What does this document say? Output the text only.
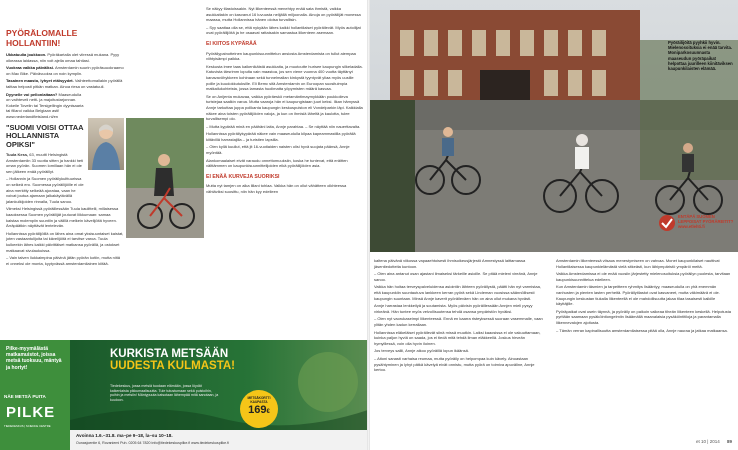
PYÖRÄLOMALLE HOLLANTIIN!

Ukkatuulia joukkoon. Pyöräkartalla olet viiressä mukana. Pyyy oikeassa laidassa, niin voit ajella omaa tahtiasi.

Vuokraa valkka päivälksi. Amsterdamin suurin pyöräsuuokraamo on Mac Bike. Päivävuokra on noin kymplin.

Tasainen maasto, lyhyet etäisyydet. Vaihteettomallakin pyörällä taittaa helposti pitkän matkan. Ainoa riesa on vastatuuli.

Dyynelle voi pellonlaitaan? Maaseudulla on vaihteveli netti- ja majoitustarjonnan. Kokeile Tovelin tai Tersigellingin dyynisaaria tai fillaroi valkka Belgiaan asti! www.nederlandfietsland.nl/en

"SUOMI VOISI OTTAA HOLLANNISTA OPIKSI"

Tuula Kess, 63, muutti Helsingistä Amsterdamiin 33 vuotta sitten ja hankki heti oman pyörän. Suomen lomillaan hän ei ole sen jälkeen enää pyöräillyt.

– Hollannin ja Suomen pyöräilykulttuurissa on selkeä ero. Suomessa pyöräilijöille ei ole aina merkitty selkeää ajorataa, vaan he voivat joutua ajamaan jalkakäytävällä jalankulkijoiden rinnalla, Tuula sanoo.

Viimeksi Helsingissä pyöräillessään Tuula kaulittelli, millaisessa kaaoksessa Suomen pyöräilijät joutuvat liikkumaan: samaa kaistaa molempiin suuntiin ja välillä melkein kävelijöitä hyveen. Ärräpäätkin näyttävät lentelevän.

Hollannissa pyöräilijöillä on lähes aina omat yksisuuntaiset kaistat, joten vastaantulijoita tai kävelijöitä ei tarvitse varoa. Tuula kulkeekin lähes kaikki päivittäiset matkansa pyörällä, ja ostokset matkaavat sivulaukuissa.

– Vain talven liukkaimpina päivinä jätän pyörän kotiin, mutta niitä ei onneksi ole monta, kyytyvässä amsterdamilainen kiitää.

Se näkyy tilastoissakin. Nyt liikenteessä menehtyy enää sata ihmistä, vaikka asukkaitakin on kasvanut 16 luvuusta nelijällä miljoonalla. Ainoja on pyöräilijät monessa maassa, mutta Hollannissa hänen oloisa turvallisin.

– Syy saattaa olla se, että nykyään lähes kaikki hollantilaiset pyöräilevät. Myös autoilijat ovat pyöräilijöitä ja he osaavat rattaisakin samastua liikenteen asemaan.

EI KIITOS KYPÄRÄÄ

Pyöräilypainotteinen kaupunkisuunnittelun ansiosta Amsterdamista on tullut aiempaa viihtyisämpi paikka.

Keskusta imee taas kaikenikäistä asukkaita, ja muotoutte hurisee kaupungin silkeladalla. Katuvista tärsrimm lopulta vain maastoa, jos sen viene vuonna 400 vuotta täyttänyt kanavavöhykkeen kohinaan sekä tunnelmallan kinkystä tyyntyvät yliaa myös uusille pollle ja kuudokkutuksille. Eli Bemc sitä Amsterdamin on Euroopan suosituimpia matkailukohteista, jossa lamasta huolimatta yöpymisten määrä kasvaa.

Se on Anijenta mukavaa, vaikka pyöräeskö metamäntimaymykkään poukkoileva turistejaa saalkin varoa. Mutta vaaroja hän ei kaupungistaan juuri keksi. Ilkan hämyssä Annje tarkuttaa juppa pollkanta kaupungin keskuspuiston eli Vondelparkin läpi. Kaikkialla näkee aina toisten pyöräilijöiden valoja, ja kun on ihmisiä läheltä ja kaulotta, tulee turvallisempi olo.

– Mutta kypärää minä en päähäni laita, Annje parahtaa. – Se näyttää niin nauerttavalta.

Hollannissa pyöräilykypärää näkee vain maaseudulla kilpaa kapeammastilla pyöräilä kiitävillä harrastajilla – ja turistien lapsilla.

– Olen kyllä kuullut, että jit 16-vuotiaiden naisten olisi hyvä suojata päänsä, Annje myöntää.

Alankomaalaiset eivät varaudu onnettomuuksiin, koska he tuntevat, että eräitten välttämmen on kaupunkisuunnittelijoiden eikä pyöräilijöiden asia.

EI ENÄÄ KURVEJA SUORIKSI

Mutta nyt tamjen on alka lillani tohlaa. Valkka hän on ollut vähätteen olkhteessa vähtäviksi suosittu, niin hän kyy edelleen

Pilke-myymälästä matkamuistot, joissa metsä tuoksuu, mäntyä ja hortyt!
NÄE METSÄ PUITA
PILKE
TIEDEKESKUS | SCIENCE CENTRE
KURKISTA METSÄÄN
UUDESTA KULMASTA!
Tiedekeskus, jossa metsiä tuodaan elämään, jossa löydät kaikenlaista pikkumaalisuutta. Tule tutustumaan sekä puistoihin, puihin ja metsiin! Mäntypuuta katsotaan lähempää mitä sanotaan, ja kuuloon.	METSÄKORTTI KAUPASTA
169€
Avoinna 1.6.–31.8. ma–pe 9–18, la–su 10–18.
Ounasjoentie 6, Rovaniemi Puh. 0205 64 7820 info@tiedekeskuspilke.fi www.tiedekeskuspilke.fi
Pyöräilijöitä pyyhkii hyvin. Mielenosoituksia ei enää tarvita. Moniparkosuunnasta maaseudun pyöräpaikat helpottaa juurilleen kiinitäviksen kaupunkilaisten elämää.
ENTÄPÄ SUOMEN LEPPOISAT PYÖRÄREITIT? www.etlehti.fi

kaltena päivänä viikossa vapaaehtoisesti ihmisoikeusjärjestö Amnestyssä laittamassa jäsentiedotteita kuntoon.

– Olen aina antanut osan ajastani ilmaiseksi tärkeille asioille. Se pitää mieleni vireänä, Annje sanoo.

Vaikka hän hoitaa terveyspalveluidensa asiointiin lähteen pyöräilystä, päätti hän nyt varmistaa, että kaupunkiin suuntautuva lankkeen kerran pyörä sekä Lindeman vuosissa säännöllisesti kaupungin suuntaan. Minsä Annje kaverit pyöräileväen hän on aina ollut mukana hyvästi.

Annje harrastaa lenkkeilyä ja soutamista. Myös päivisin pyöräillessään Annjen mieli pysyy virkeänä. Hän tuntee myös velvollisuutensa tehdä osansa ympäristön hyväksi.

– Olen nyt vaorukaseimpi liikenteessä. Ennä en kaarra risteyksessä suoraan vasemmalle, vaan ylitän yhden kadun kerrallaan.

Hollannissa eläkeläiset pyöräilevät siinä missä muutkin. Laiksi kaaosissa ei ole vakuuttamaan, kuinka paljon hyviä on saada, jos ei tiedä mitä tehdä ilman eläkkeellä. Joskus hirveän hymyillessä, voin olla hyvin iloinen.

Jos terveys sallii, Annje aikoo pyöräillä lopun ikäänsä.

– Aitoni sanasti varhaisa reumaa, mutta pyöräily on helpompaa kuin kävely. Ainoastaan pysähtyminen ja lyhyt pätkä kävelyä eivät onnistu, mutta pyörä on toimiva apuväline, Annje kertoo.

Amsterdamin liikenteessä viisaus menestymiseen on vahvaa. Monet kaupunkilaiset nauttivat Hollantilaisessa kaupunkielämästä vielä sitkeästi, kun lähiympäristö ympäröi meitä.

Vaikka Amsterdamissa ei ole enää vuosiin järjestetty mielenosoituksia pyöräilyn puolesta, tarvitaan kaupunkisuunnittelua edelleen.

Kun Amsterdamin täsmien ja tarpeitteen ryhmitys lisääntyy, maaseudulla on yhä enemmän vanhusten ja pienten lasten perheitä. Pyöräilytilastot ovat kasvaneet, mutta väkimäärä ei ole. Kaupungin keskustan tiukalla liikenteellä ei ole mahdollisuutta jakaa tilaa tasaisesti kaikille käyttäjille.

Pyöräpaikat ovat usein täynnä, ja pyöräily on paikoin vaikeaa tiheän liikenteen keskellä. Helpotusta pyritään saamaan pysäköintiongelmiin lisäämällä maanalaisia pysäköintitiloja ja parantamalla liikennevalojen ajoitusta.

– Tämän verran kapinallisuutta amsterdamilaisessa pitää olla, Annje nauraa ja jatkaa matkaansa.

et 10 | 2014 89
